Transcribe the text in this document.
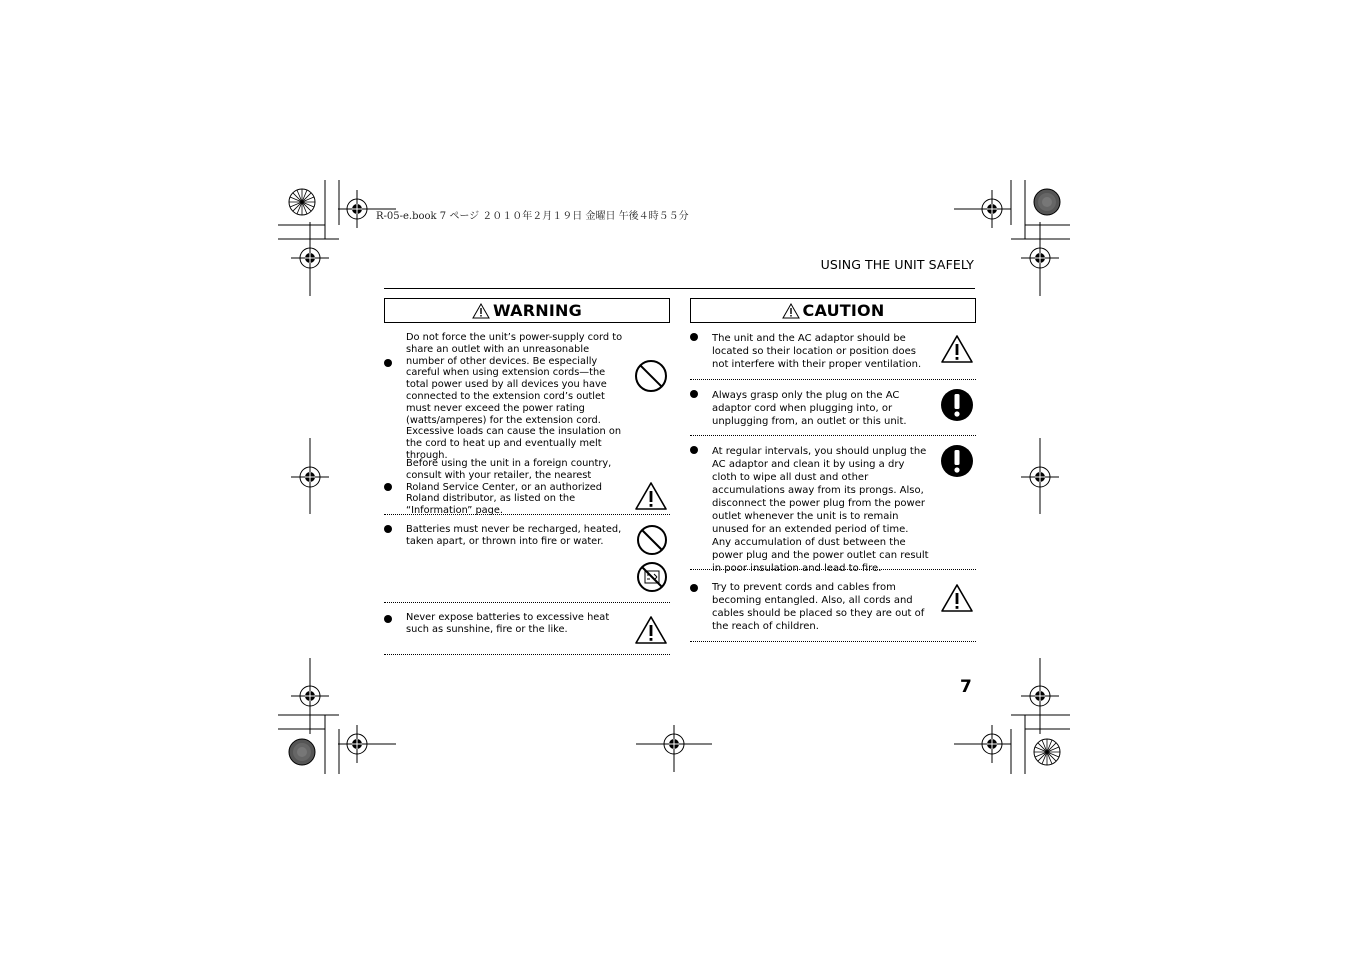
R-05-e.book 7 ページ ２０１０年２月１９日 金曜日 午後４時５５分
USING THE UNIT SAFELY
WARNING
Do not force the unit’s power-supply cord to share an outlet with an unreasonable number of other devices. Be especially careful when using extension cords—the total power used by all devices you have connected to the extension cord’s outlet must never exceed the power rating (watts/amperes) for the extension cord. Excessive loads can cause the insulation on the cord to heat up and eventually melt through.
Before using the unit in a foreign country, consult with your retailer, the nearest Roland Service Center, or an authorized Roland distributor, as listed on the “Information” page.
Batteries must never be recharged, heated, taken apart, or thrown into fire or water.
Never expose batteries to excessive heat such as sunshine, fire or the like.
CAUTION
The unit and the AC adaptor should be located so their location or position does not interfere with their proper ventilation.
Always grasp only the plug on the AC adaptor cord when plugging into, or unplugging from, an outlet or this unit.
At regular intervals, you should unplug the AC adaptor and clean it by using a dry cloth to wipe all dust and other accumulations away from its prongs. Also, disconnect the power plug from the power outlet whenever the unit is to remain unused for an extended period of time. Any accumulation of dust between the power plug and the power outlet can result in poor insulation and lead to fire.
Try to prevent cords and cables from becoming entangled. Also, all cords and cables should be placed so they are out of the reach of children.
7
